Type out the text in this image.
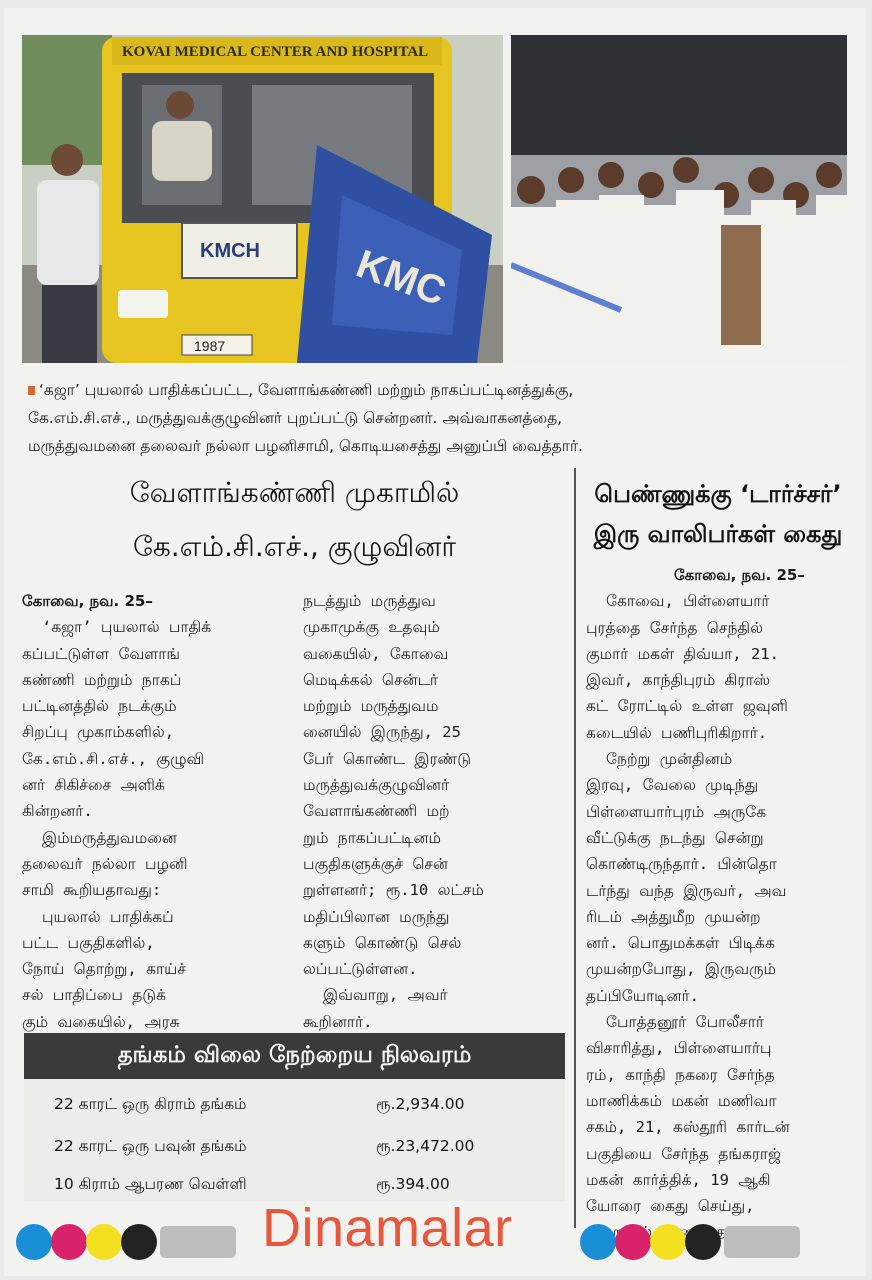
KOVAI MEDICAL CENTER AND HOSPITAL
KMCH
1987
KMC
‘கஜா’ புயலால் பாதிக்கப்பட்ட, வேளாங்கண்ணி மற்றும் நாகப்பட்டினத்துக்கு,
கே.எம்.சி.எச்., மருத்துவக்குழுவினர் புறப்பட்டு சென்றனர். அவ்வாகனத்தை,
மருத்துவமனை தலைவர் நல்லா பழனிசாமி, கொடியசைத்து அனுப்பி வைத்தார்.
வேளாங்கண்ணி முகாமில்
கே.எம்.சி.எச்., குழுவினர்
பெண்ணுக்கு ‘டார்ச்சர்’
இரு வாலிபர்கள் கைது

கோவை, நவ. 25–

‘கஜா’ புயலால் பாதிக்

கப்பட்டுள்ள வேளாங்

கண்ணி மற்றும் நாகப்

பட்டினத்தில் நடக்கும்

சிறப்பு முகாம்களில்,

கே.எம்.சி.எச்., குழுவி

னர் சிகிச்சை அளிக்

கின்றனர்.

இம்மருத்துவமனை

தலைவர் நல்லா பழனி

சாமி கூறியதாவது:

புயலால் பாதிக்கப்

பட்ட பகுதிகளில்,

நோய் தொற்று, காய்ச்

சல் பாதிப்பை தடுக்

கும் வகையில், அரசு

நடத்தும் மருத்துவ

முகாமுக்கு உதவும்

வகையில், கோவை

மெடிக்கல் சென்டர்

மற்றும் மருத்துவம

னையில் இருந்து, 25

பேர் கொண்ட இரண்டு

மருத்துவக்குழுவினர்

வேளாங்கண்ணி மற்

றும் நாகப்பட்டினம்

பகுதிகளுக்குச் சென்

றுள்ளனர்; ரூ.10 லட்சம்

மதிப்பிலான மருந்து

களும் கொண்டு செல்

லப்பட்டுள்ளன.

இவ்வாறு, அவர்

கூறினார்.

தங்கம் விலை நேற்றைய நிலவரம்
22 காரட் ஒரு கிராம் தங்கம்	ரூ.2,934.00
22 காரட் ஒரு பவுன் தங்கம்	ரூ.23,472.00
10 கிராம் ஆபரண வெள்ளி	ரூ.394.00

கோவை, நவ. 25–

கோவை, பிள்ளையார்

புரத்தை சேர்ந்த செந்தில்

குமார் மகள் திவ்யா, 21.

இவர், காந்திபுரம் கிராஸ்

கட் ரோட்டில் உள்ள ஜவுளி

கடையில் பணிபுரிகிறார்.

நேற்று முன்தினம்

இரவு, வேலை முடிந்து

பிள்ளையார்புரம் அருகே

வீட்டுக்கு நடந்து சென்று

கொண்டிருந்தார். பின்தொ

டர்ந்து வந்த இருவர், அவ

ரிடம் அத்துமீற முயன்ற

னர். பொதுமக்கள் பிடிக்க

முயன்றபோது, இருவரும்

தப்பியோடினர்.

போத்தனூர் போலீசார்

விசாரித்து, பிள்ளையார்பு

ரம், காந்தி நகரை சேர்ந்த

மாணிக்கம் மகன் மணிவா

சகம், 21, கஸ்தூரி கார்டன்

பகுதியை சேர்ந்த தங்கராஜ்

மகன் கார்த்திக், 19 ஆகி

யோரை கைது செய்து,

Dinamalar
